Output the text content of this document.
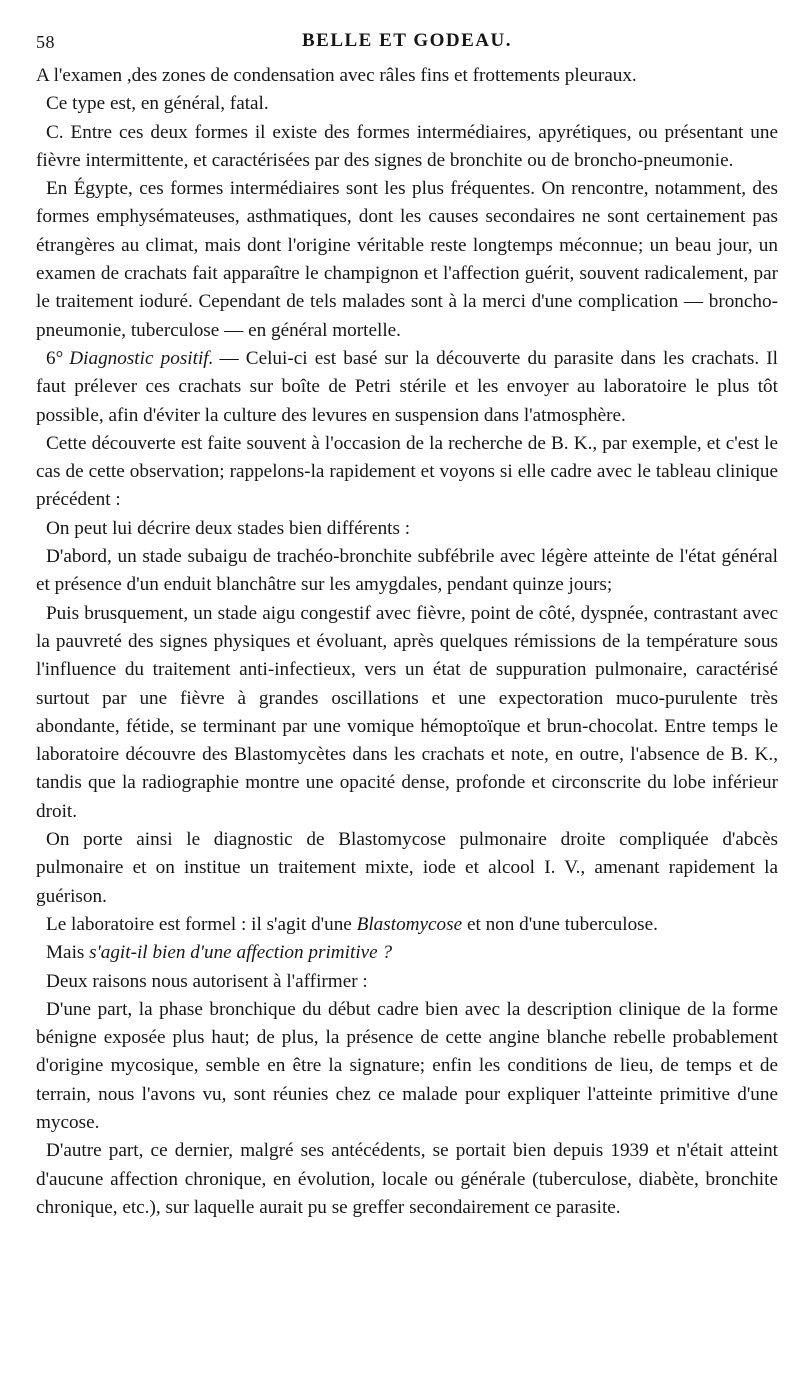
58	BELLE ET GODEAU.

A l'examen ,des zones de condensation avec râles fins et frottements pleuraux.

Ce type est, en général, fatal.

C. Entre ces deux formes il existe des formes intermédiaires, apyrétiques, ou présentant une fièvre intermittente, et caractérisées par des signes de bronchite ou de broncho-pneumonie.

En Égypte, ces formes intermédiaires sont les plus fréquentes. On rencontre, notamment, des formes emphysémateuses, asthmatiques, dont les causes secondaires ne sont certainement pas étrangères au climat, mais dont l'origine véritable reste longtemps méconnue; un beau jour, un examen de crachats fait apparaître le champignon et l'affection guérit, souvent radicalement, par le traitement ioduré. Cependant de tels malades sont à la merci d'une complication — broncho-pneumonie, tuberculose — en général mortelle.

6° Diagnostic positif. — Celui-ci est basé sur la découverte du parasite dans les crachats. Il faut prélever ces crachats sur boîte de Petri stérile et les envoyer au laboratoire le plus tôt possible, afin d'éviter la culture des levures en suspension dans l'atmosphère.

Cette découverte est faite souvent à l'occasion de la recherche de B. K., par exemple, et c'est le cas de cette observation; rappelons-la rapidement et voyons si elle cadre avec le tableau clinique précédent :

On peut lui décrire deux stades bien différents :

D'abord, un stade subaigu de trachéo-bronchite subfébrile avec légère atteinte de l'état général et présence d'un enduit blanchâtre sur les amygdales, pendant quinze jours;

Puis brusquement, un stade aigu congestif avec fièvre, point de côté, dyspnée, contrastant avec la pauvreté des signes physiques et évoluant, après quelques rémissions de la température sous l'influence du traitement anti-infectieux, vers un état de suppuration pulmonaire, caractérisé surtout par une fièvre à grandes oscillations et une expectoration muco-purulente très abondante, fétide, se terminant par une vomique hémoptoïque et brun-chocolat. Entre temps le laboratoire découvre des Blastomycètes dans les crachats et note, en outre, l'absence de B. K., tandis que la radiographie montre une opacité dense, profonde et circonscrite du lobe inférieur droit.

On porte ainsi le diagnostic de Blastomycose pulmonaire droite compliquée d'abcès pulmonaire et on institue un traitement mixte, iode et alcool I. V., amenant rapidement la guérison.

Le laboratoire est formel : il s'agit d'une Blastomycose et non d'une tuberculose.

Mais s'agit-il bien d'une affection primitive ?

Deux raisons nous autorisent à l'affirmer :

D'une part, la phase bronchique du début cadre bien avec la description clinique de la forme bénigne exposée plus haut; de plus, la présence de cette angine blanche rebelle probablement d'origine mycosique, semble en être la signature; enfin les conditions de lieu, de temps et de terrain, nous l'avons vu, sont réunies chez ce malade pour expliquer l'atteinte primitive d'une mycose.

D'autre part, ce dernier, malgré ses antécédents, se portait bien depuis 1939 et n'était atteint d'aucune affection chronique, en évolution, locale ou générale (tuberculose, diabète, bronchite chronique, etc.), sur laquelle aurait pu se greffer secondairement ce parasite.
